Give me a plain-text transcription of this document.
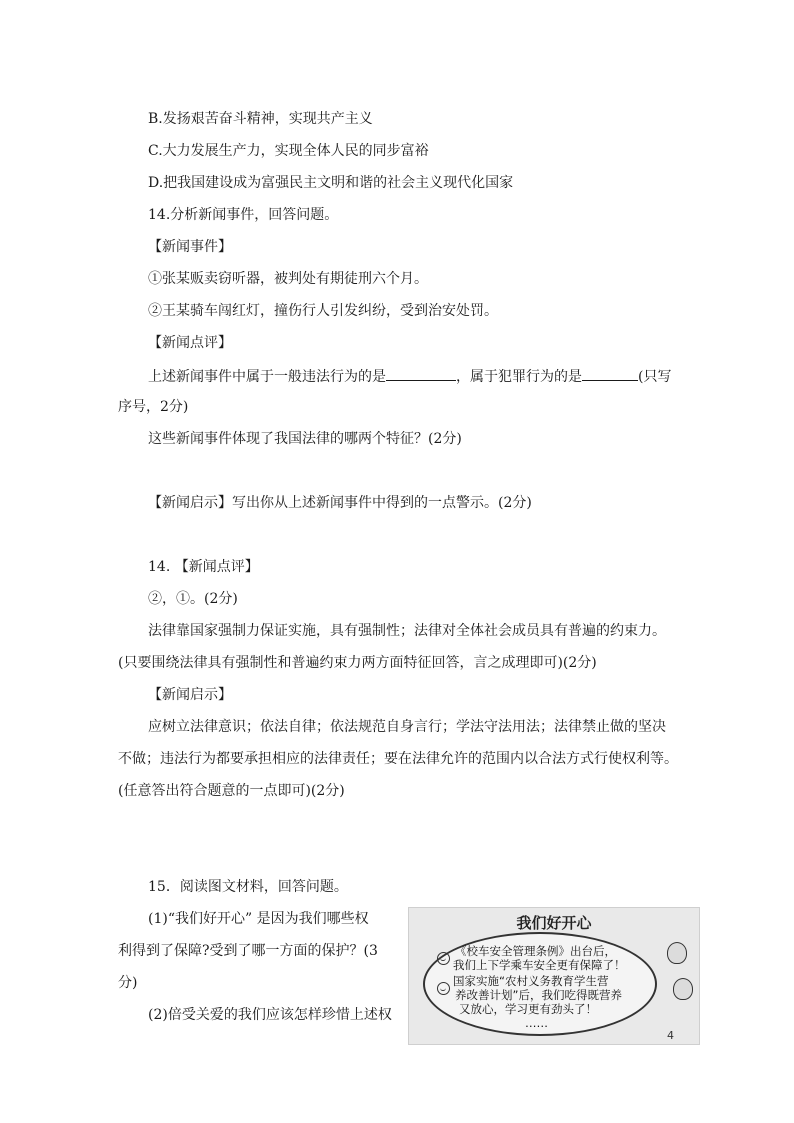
B.发扬艰苦奋斗精神，实现共产主义
C.大力发展生产力，实现全体人民的同步富裕
D.把我国建设成为富强民主文明和谐的社会主义现代化国家
14.分析新闻事件，回答问题。
【新闻事件】
①张某贩卖窃听器，被判处有期徒刑六个月。
②王某骑车闯红灯，撞伤行人引发纠纷，受到治安处罚。
【新闻点评】
上述新闻事件中属于一般违法行为的是	，属于犯罪行为的是	(只写
序号，2分)
这些新闻事件体现了我国法律的哪两个特征？(2分)
【新闻启示】写出你从上述新闻事件中得到的一点警示。(2分)
14. 【新闻点评】
②，①。(2分)
法律靠国家强制力保证实施，具有强制性；法律对全体社会成员具有普遍的约束力。
(只要围绕法律具有强制性和普遍约束力两方面特征回答，言之成理即可)(2分)
【新闻启示】
应树立法律意识；依法自律；依法规范自身言行；学法守法用法；法律禁止做的坚决
不做；违法行为都要承担相应的法律责任；要在法律允许的范围内以合法方式行使权利等。
(任意答出符合题意的一点即可)(2分)
15．阅读图文材料，回答问题。
(1)“我们好开心” 是因为我们哪些权
利得到了保障?受到了哪一方面的保护？(3
分)
(2)倍受关爱的我们应该怎样珍惜上述权
我们好开心
《校车安全管理条例》出台后，
我们上下学乘车安全更有保障了！
国家实施“农村义务教育学生营
养改善计划”后，我们吃得既营养
又放心，学习更有劲头了！
……
4
